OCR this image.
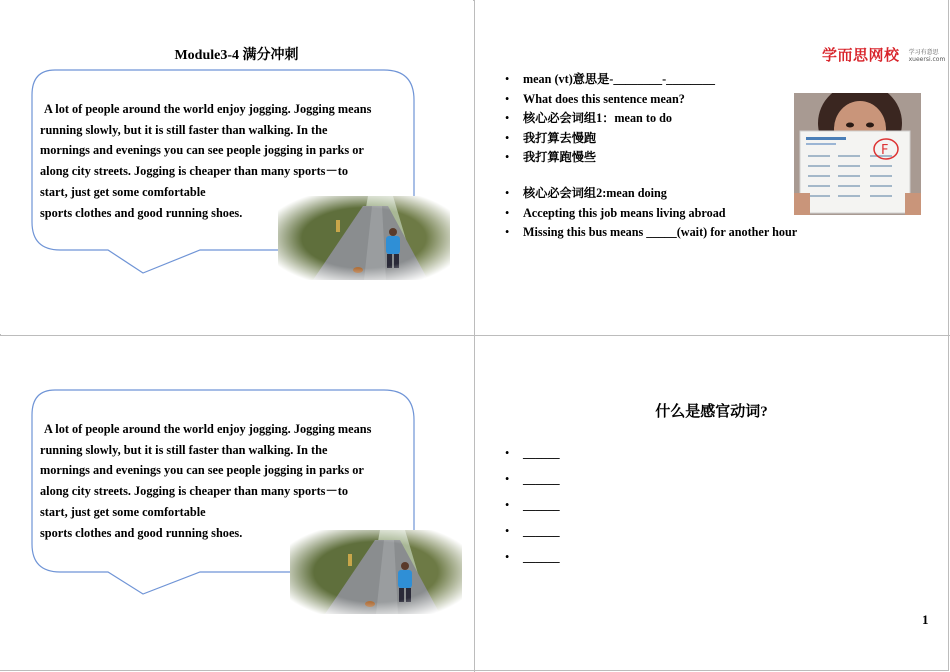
Module3-4 满分冲刺
A lot of people around the world enjoy jogging. Jogging means
running slowly, but it is still faster than walking. In the
mornings and evenings you can see people jogging in parks or
along city streets. Jogging is cheaper than many sports－to
start, just get some comfortable
sports clothes and good running shoes.
学而思网校 学习有意思
xueersi.com
• mean (vt)意思是-________-________
• What does this sentence mean?
• 核心必会词组1：mean to do
• 我打算去慢跑
• 我打算跑慢些
• 核心必会词组2:mean doing
• Accepting this job means living abroad
• Missing this bus means _____(wait) for another hour
F
A lot of people around the world enjoy jogging. Jogging means
running slowly, but it is still faster than walking. In the
mornings and evenings you can see people jogging in parks or
along city streets. Jogging is cheaper than many sports－to
start, just get some comfortable
sports clothes and good running shoes.
什么是感官动词?
• ______
• ______
• ______
• ______
• ______
1
